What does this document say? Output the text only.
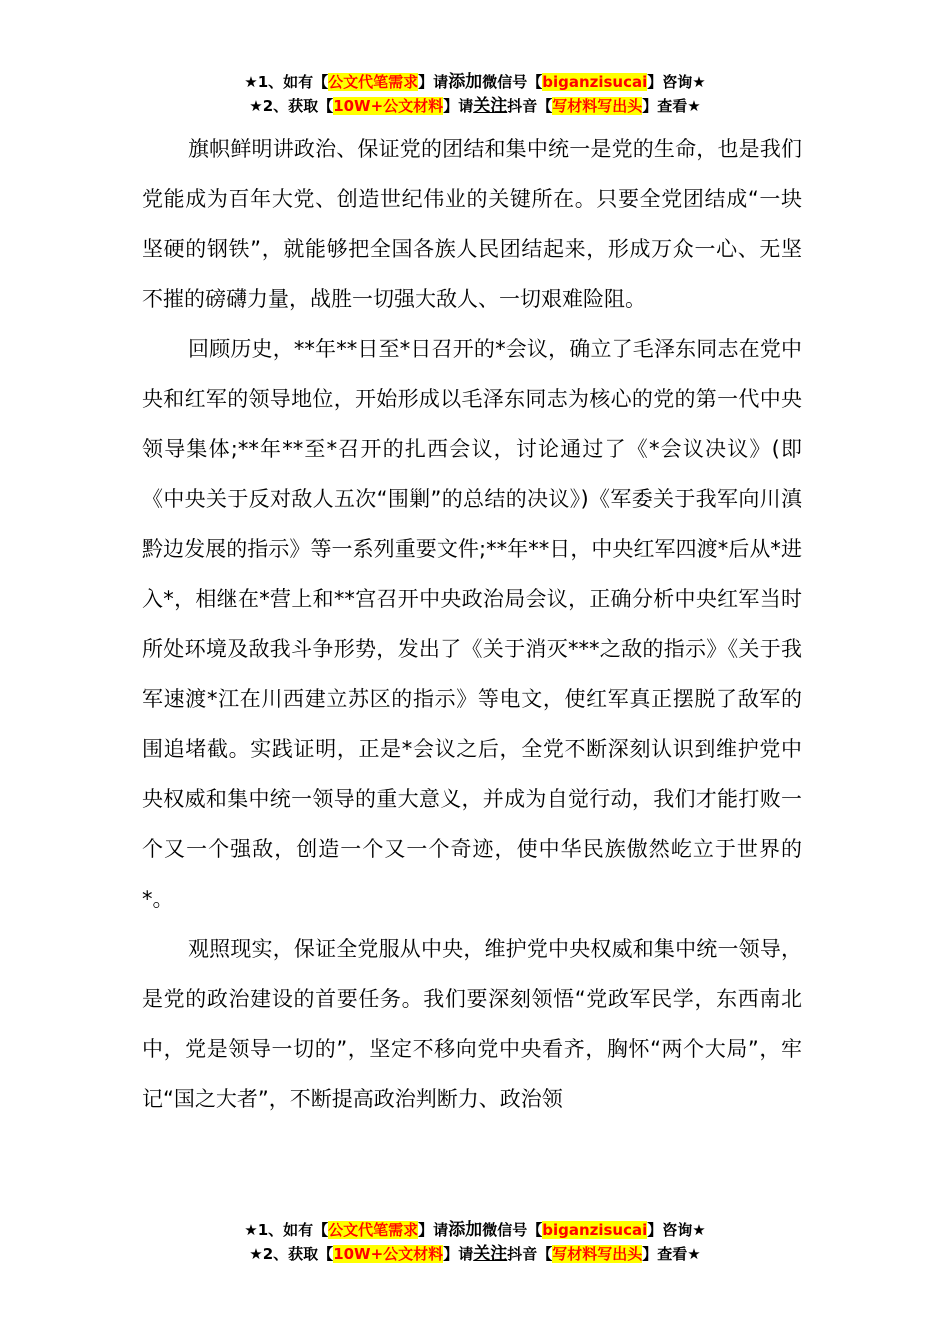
★1、如有【公文代笔需求】请添加微信号【biganzisucai】咨询★
★2、获取【10W+公文材料】请关注抖音【写材料写出头】查看★

旗帜鲜明讲政治、保证党的团结和集中统一是党的生命，也是我们党能成为百年大党、创造世纪伟业的关键所在。只要全党团结成“一块坚硬的钢铁”，就能够把全国各族人民团结起来，形成万众一心、无坚不摧的磅礴力量，战胜一切强大敌人、一切艰难险阻。

回顾历史，**年**日至*日召开的*会议，确立了毛泽东同志在党中央和红军的领导地位，开始形成以毛泽东同志为核心的党的第一代中央领导集体;**年**至*召开的扎西会议，讨论通过了《*会议决议》(即《中央关于反对敌人五次“围剿”的总结的决议》)《军委关于我军向川滇黔边发展的指示》等一系列重要文件;**年**日，中央红军四渡*后从*进入*，相继在*营上和**宫召开中央政治局会议，正确分析中央红军当时所处环境及敌我斗争形势，发出了《关于消灭***之敌的指示》《关于我军速渡*江在川西建立苏区的指示》等电文，使红军真正摆脱了敌军的围追堵截。实践证明，正是*会议之后，全党不断深刻认识到维护党中央权威和集中统一领导的重大意义，并成为自觉行动，我们才能打败一个又一个强敌，创造一个又一个奇迹，使中华民族傲然屹立于世界的*。

观照现实，保证全党服从中央，维护党中央权威和集中统一领导，是党的政治建设的首要任务。我们要深刻领悟“党政军民学，东西南北中，党是领导一切的”，坚定不移向党中央看齐，胸怀“两个大局”，牢记“国之大者”，不断提高政治判断力、政治领

★1、如有【公文代笔需求】请添加微信号【biganzisucai】咨询★
★2、获取【10W+公文材料】请关注抖音【写材料写出头】查看★
